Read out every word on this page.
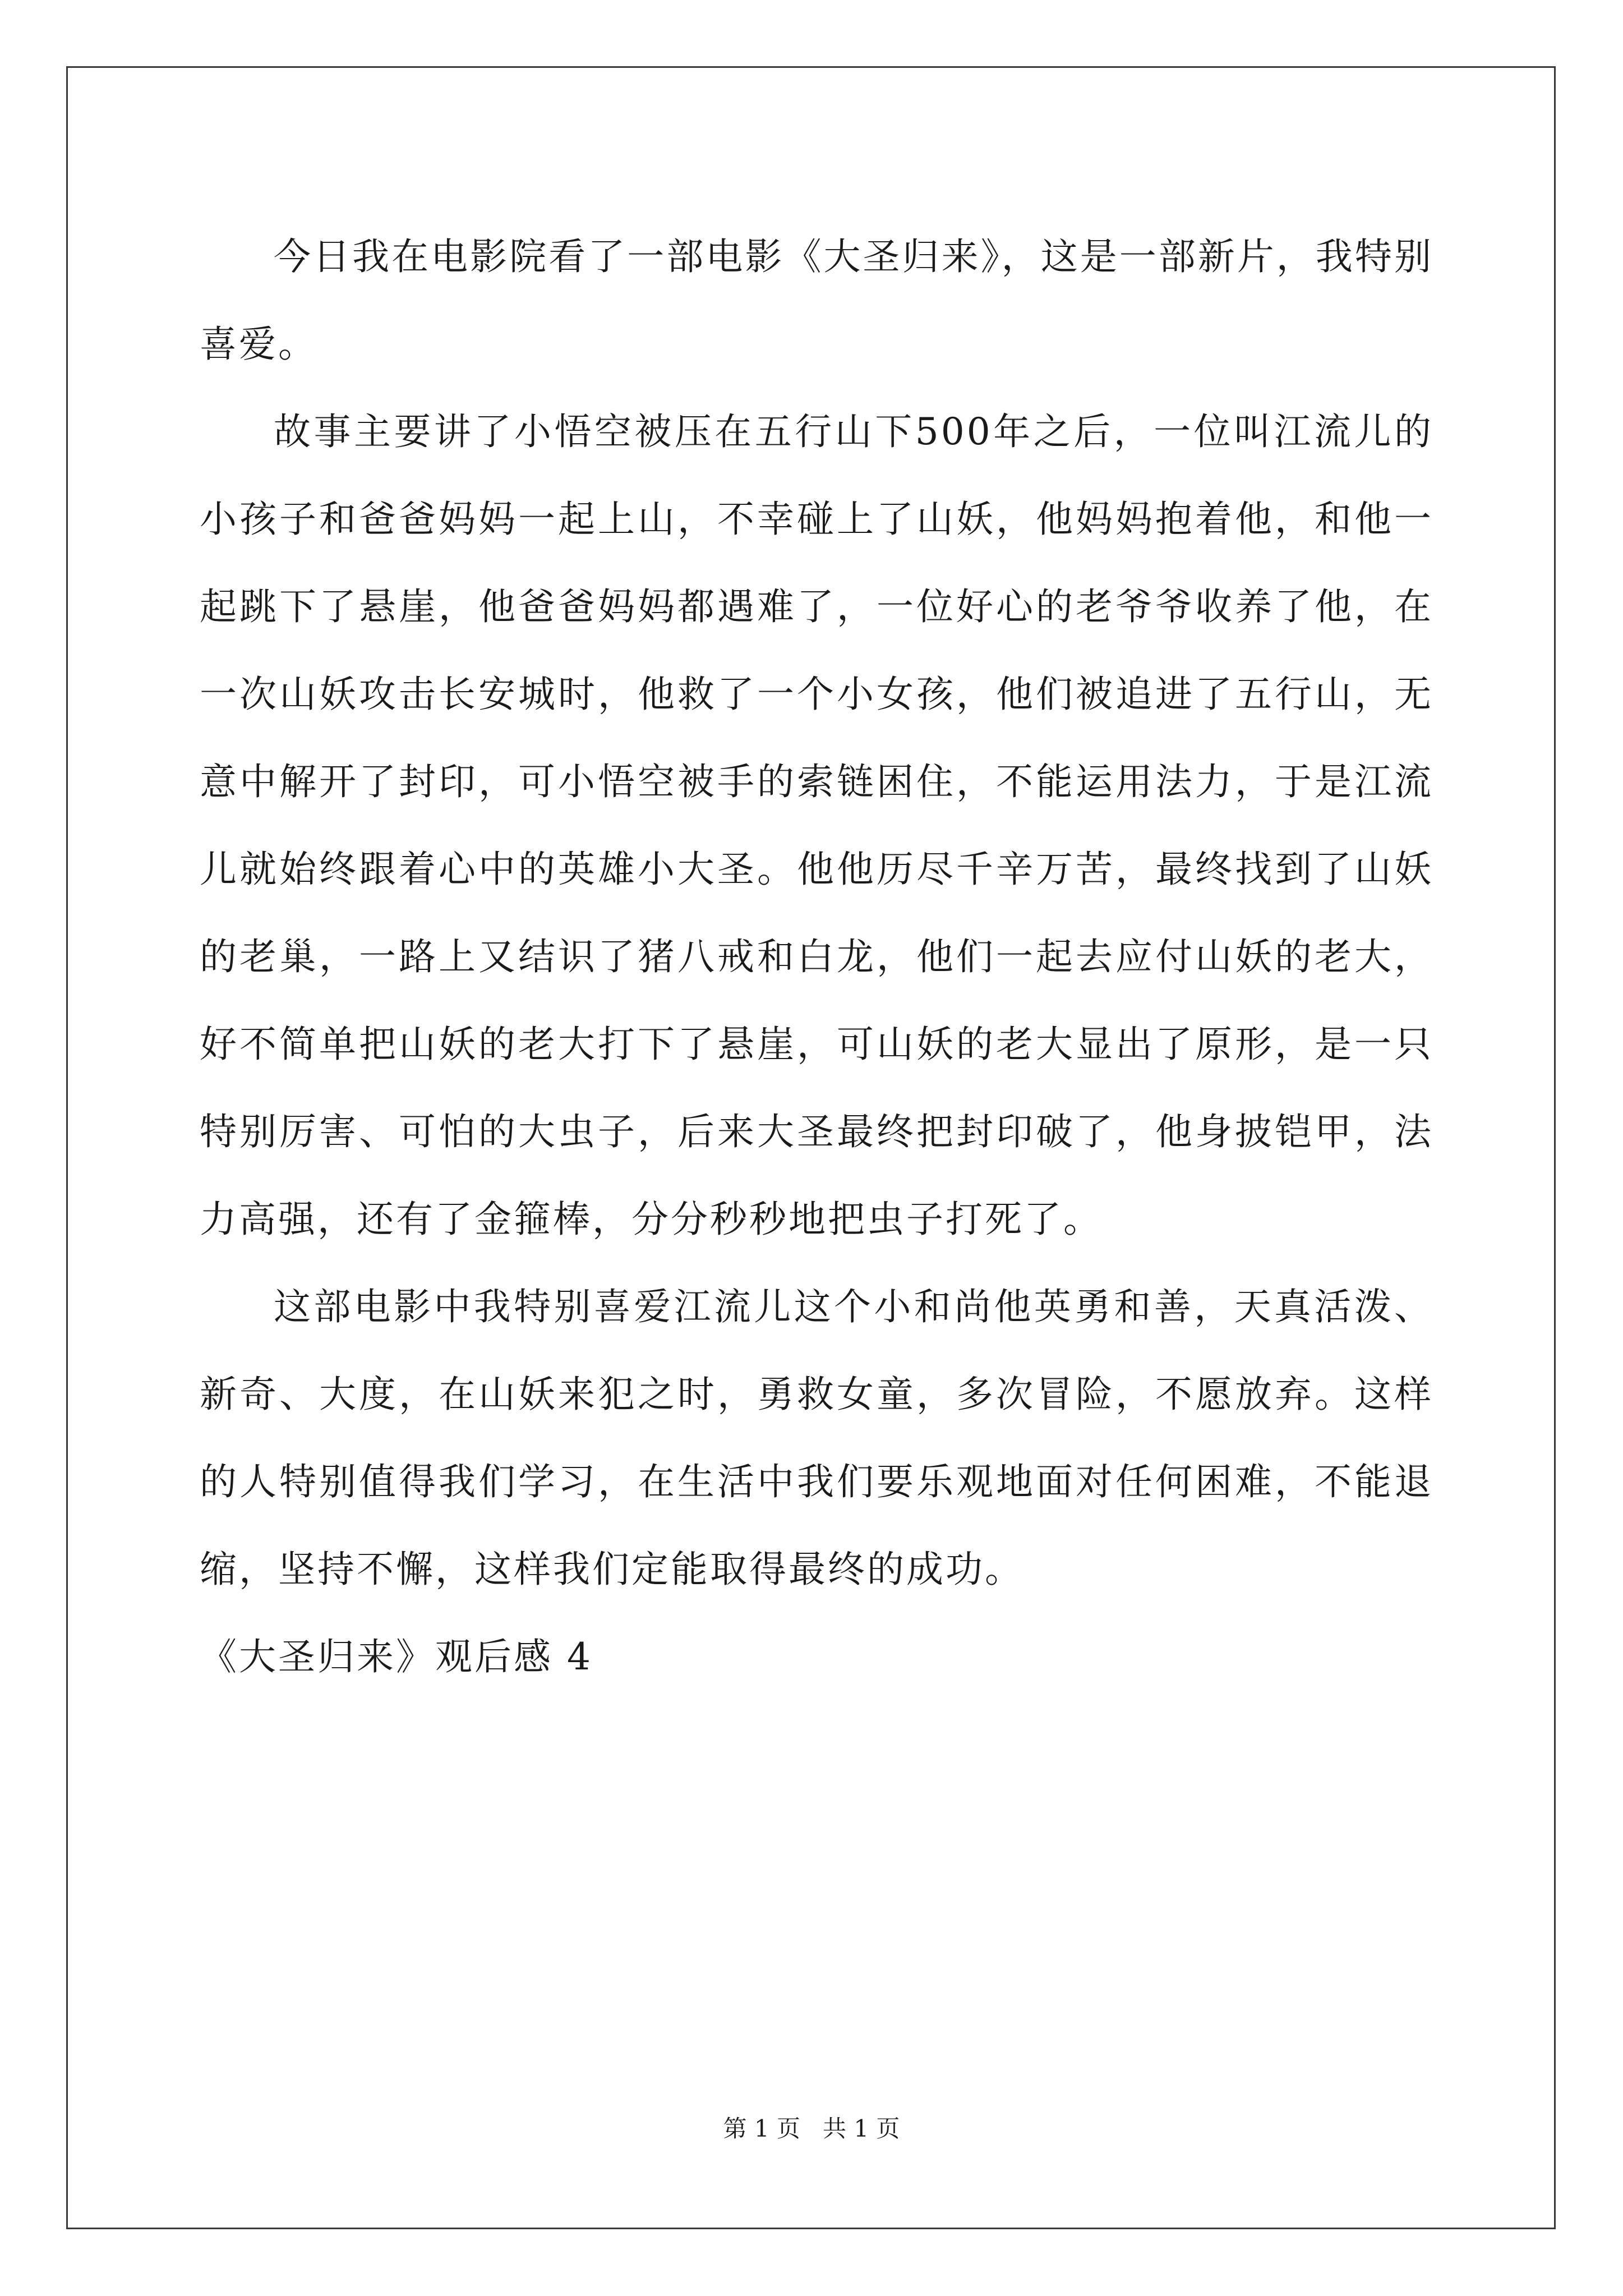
今日我在电影院看了一部电影《大圣归来》，这是一部新片，我特别喜爱。

故事主要讲了小悟空被压在五行山下500年之后，一位叫江流儿的小孩子和爸爸妈妈一起上山，不幸碰上了山妖，他妈妈抱着他，和他一起跳下了悬崖，他爸爸妈妈都遇难了，一位好心的老爷爷收养了他，在一次山妖攻击长安城时，他救了一个小女孩，他们被追进了五行山，无意中解开了封印，可小悟空被手的索链困住，不能运用法力，于是江流儿就始终跟着心中的英雄小大圣。他他历尽千辛万苦，最终找到了山妖的老巢，一路上又结识了猪八戒和白龙，他们一起去应付山妖的老大，好不简单把山妖的老大打下了悬崖，可山妖的老大显出了原形，是一只特别厉害、可怕的大虫子，后来大圣最终把封印破了，他身披铠甲，法力高强，还有了金箍棒，分分秒秒地把虫子打死了。

这部电影中我特别喜爱江流儿这个小和尚他英勇和善，天真活泼、新奇、大度，在山妖来犯之时，勇救女童，多次冒险，不愿放弃。这样的人特别值得我们学习，在生活中我们要乐观地面对任何困难，不能退缩，坚持不懈，这样我们定能取得最终的成功。

《大圣归来》观后感 4

第 1 页 共 1 页
